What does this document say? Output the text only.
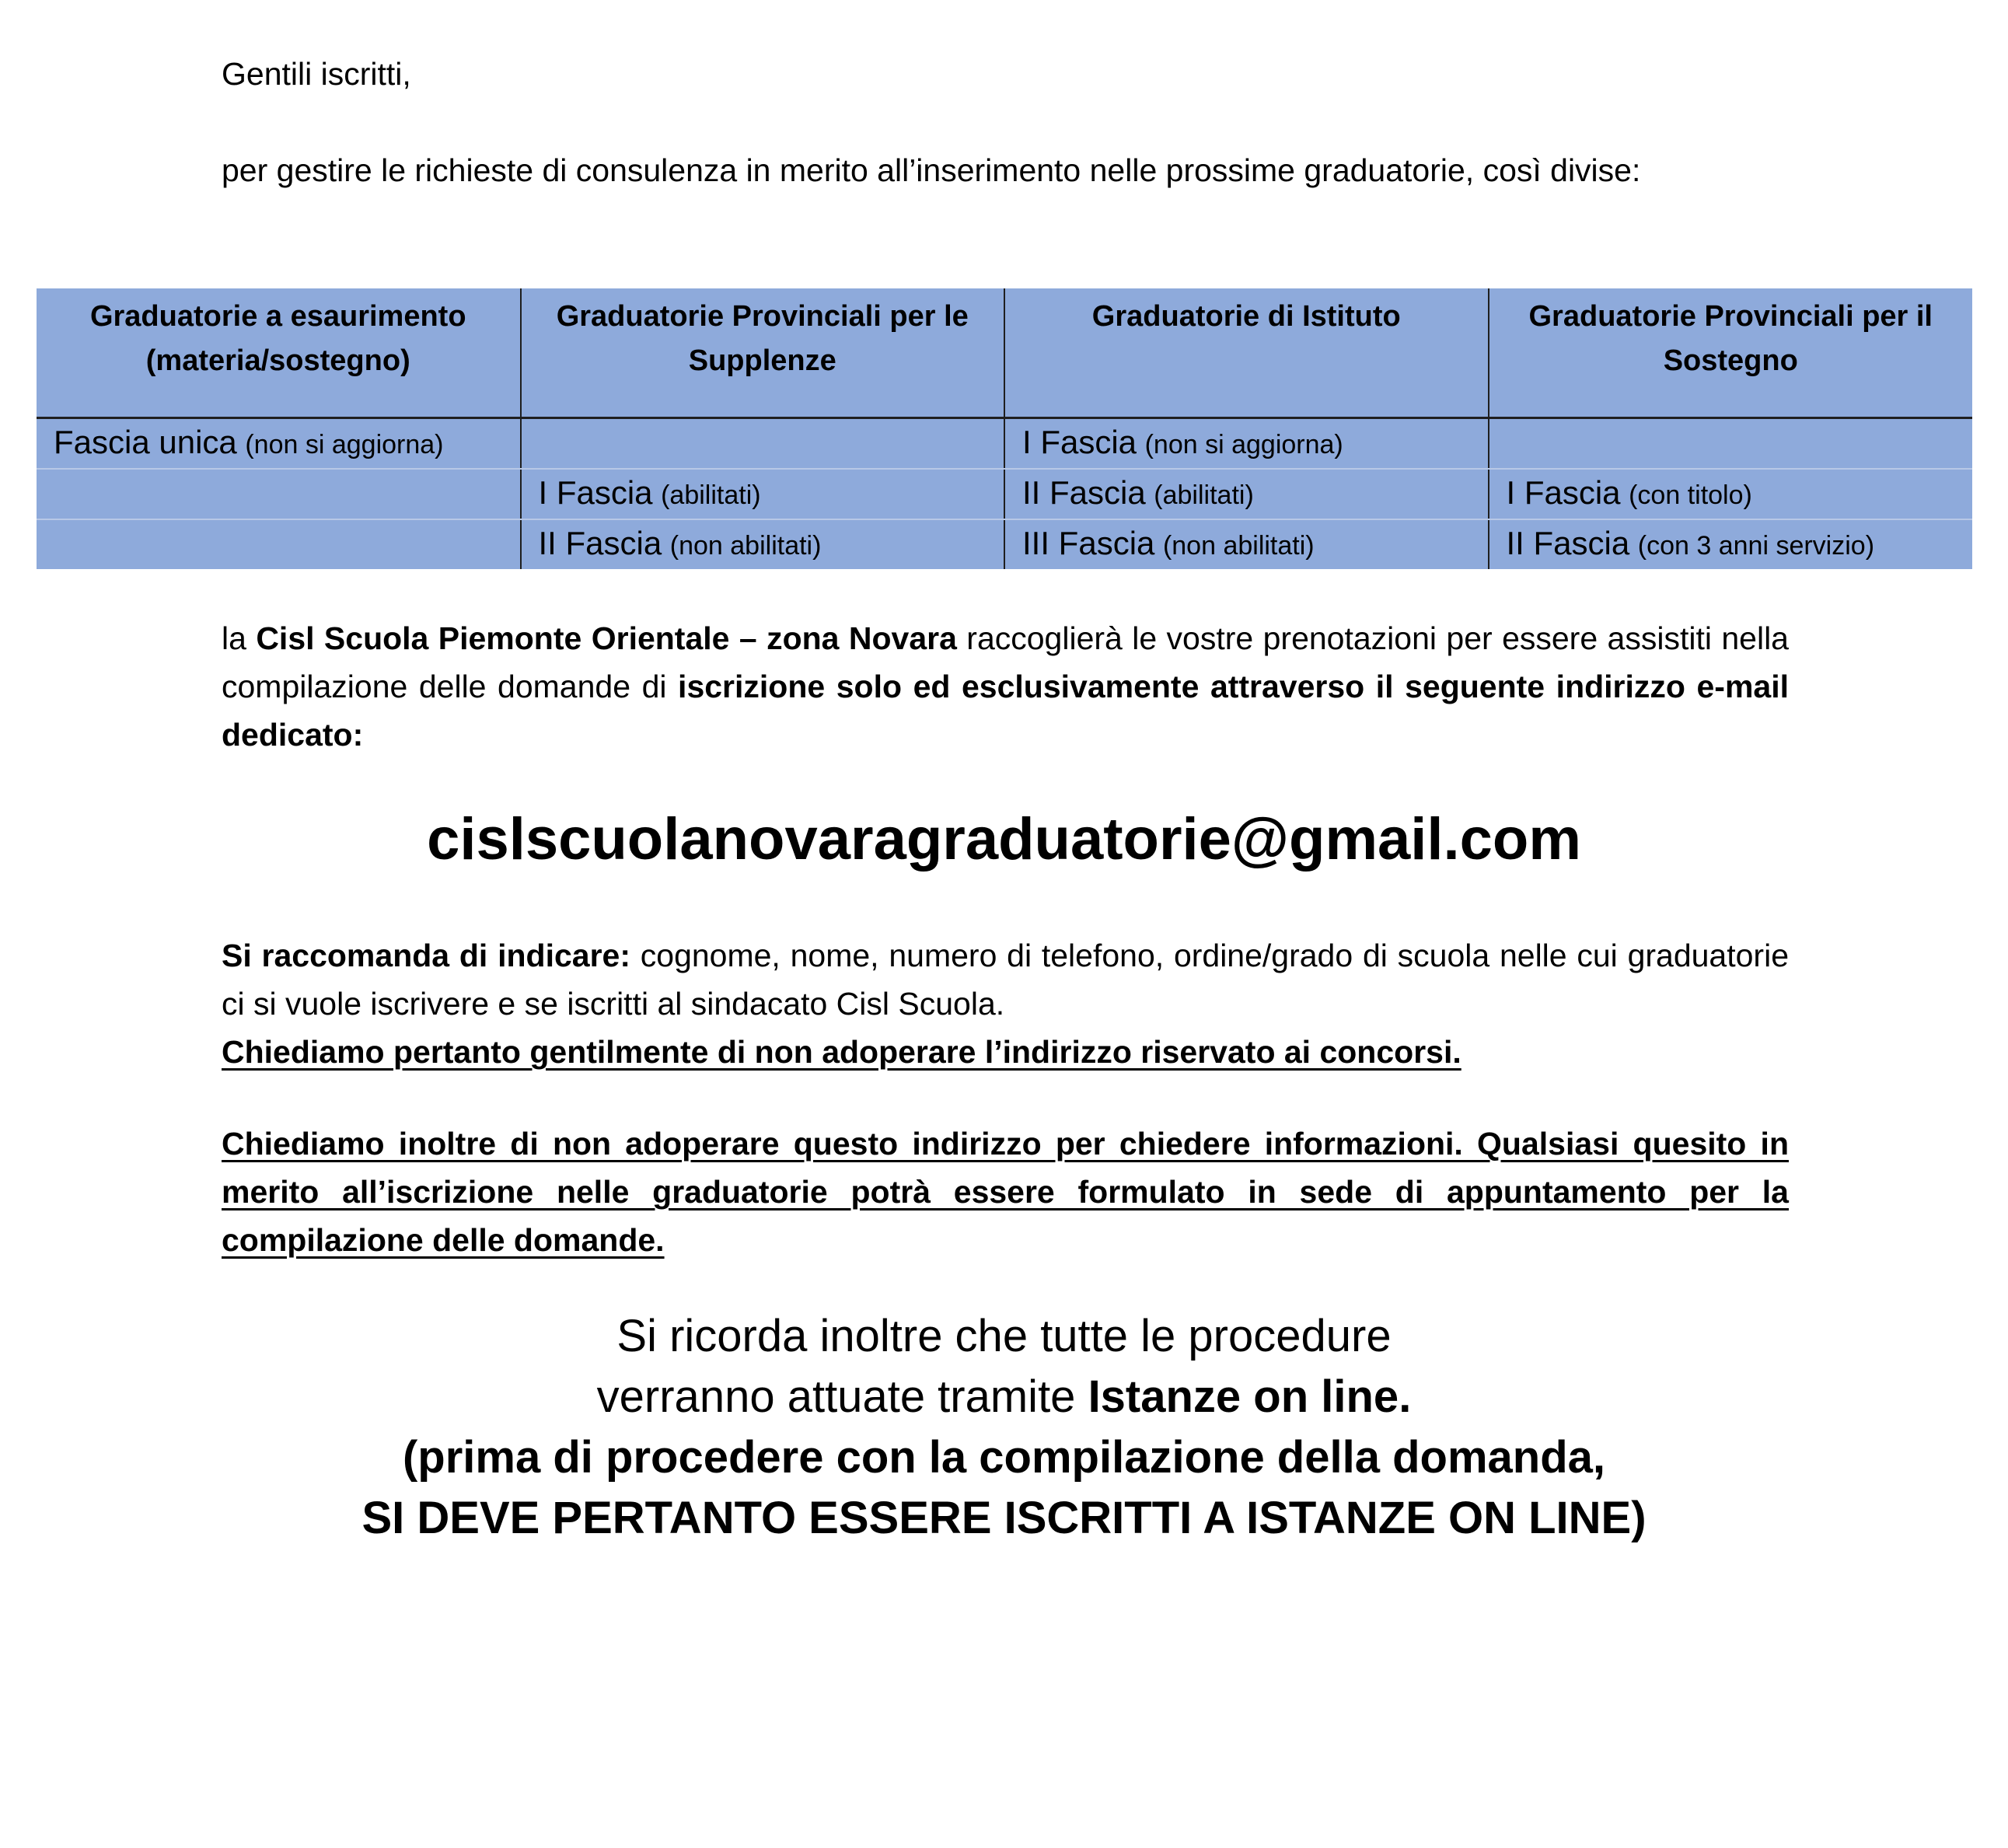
Gentili iscritti,
per gestire le richieste di consulenza in merito all’inserimento nelle prossime graduatorie, così divise:
Graduatorie a esaurimento (materia/sostegno)	Graduatorie Provinciali per le Supplenze	Graduatorie di Istituto	Graduatorie Provinciali per il Sostegno
Fascia unica (non si aggiorna)		I Fascia (non si aggiorna)	
	I Fascia (abilitati)	II Fascia (abilitati)	I Fascia (con titolo)
	II Fascia (non abilitati)	III Fascia (non abilitati)	II Fascia (con 3 anni servizio)
la Cisl Scuola Piemonte Orientale – zona Novara raccoglierà le vostre prenotazioni per essere assistiti nella compilazione delle domande di iscrizione solo ed esclusivamente attraverso il seguente indirizzo e-mail dedicato:
cislscuolanovaragraduatorie@gmail.com
Si raccomanda di indicare: cognome, nome, numero di telefono, ordine/grado di scuola nelle cui graduatorie ci si vuole iscrivere e se iscritti al sindacato Cisl Scuola.
Chiediamo pertanto gentilmente di non adoperare l’indirizzo riservato ai concorsi.
Chiediamo inoltre di non adoperare questo indirizzo per chiedere informazioni. Qualsiasi quesito in merito all’iscrizione nelle graduatorie potrà essere formulato in sede di appuntamento per la compilazione delle domande.
Si ricorda inoltre che tutte le procedure
verranno attuate tramite Istanze on line.
(prima di procedere con la compilazione della domanda,
SI DEVE PERTANTO ESSERE ISCRITTI A ISTANZE ON LINE)
